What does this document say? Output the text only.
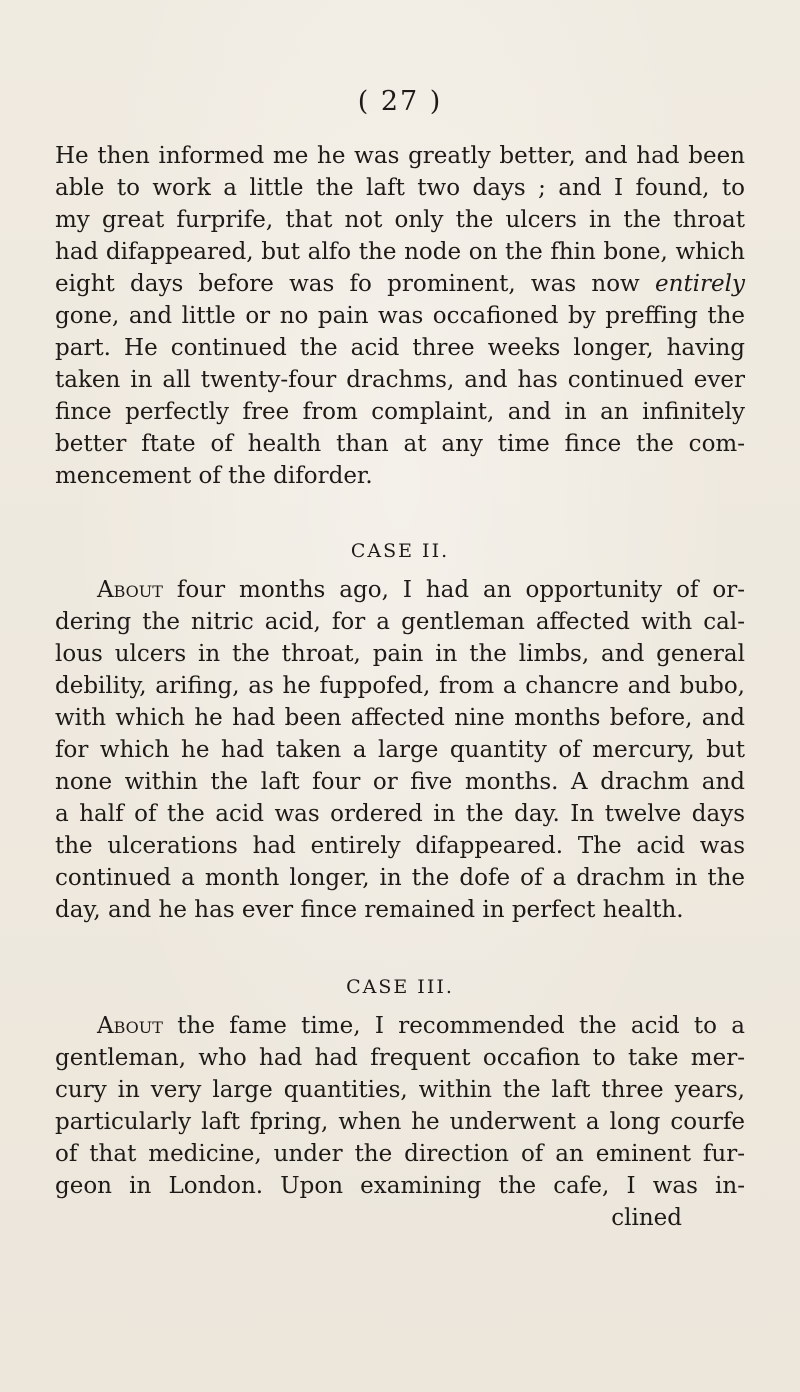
( 27 )

He then informed me he was greatly better, and had been

able to work a little the laft two days ; and I found, to

my great furprife, that not only the ulcers in the throat

had difappeared, but alfo the node on the fhin bone, which

eight days before was fo prominent, was now entirely

gone, and little or no pain was occafioned by preffing the

part. He continued the acid three weeks longer, having

taken in all twenty-four drachms, and has continued ever

fince perfectly free from complaint, and in an infinitely

better ftate of health than at any time fince the com-

mencement of the diforder.

CASE II.

About four months ago, I had an opportunity of or-

dering the nitric acid, for a gentleman affected with cal-

lous ulcers in the throat, pain in the limbs, and general

debility, arifing, as he fuppofed, from a chancre and bubo,

with which he had been affected nine months before, and

for which he had taken a large quantity of mercury, but

none within the laft four or five months. A drachm and

a half of the acid was ordered in the day. In twelve days

the ulcerations had entirely difappeared. The acid was

continued a month longer, in the dofe of a drachm in the

day, and he has ever fince remained in perfect health.

CASE III.

About the fame time, I recommended the acid to a

gentleman, who had had frequent occafion to take mer-

cury in very large quantities, within the laft three years,

particularly laft fpring, when he underwent a long courfe

of that medicine, under the direction of an eminent fur-

geon in London. Upon examining the cafe, I was in-

clined
